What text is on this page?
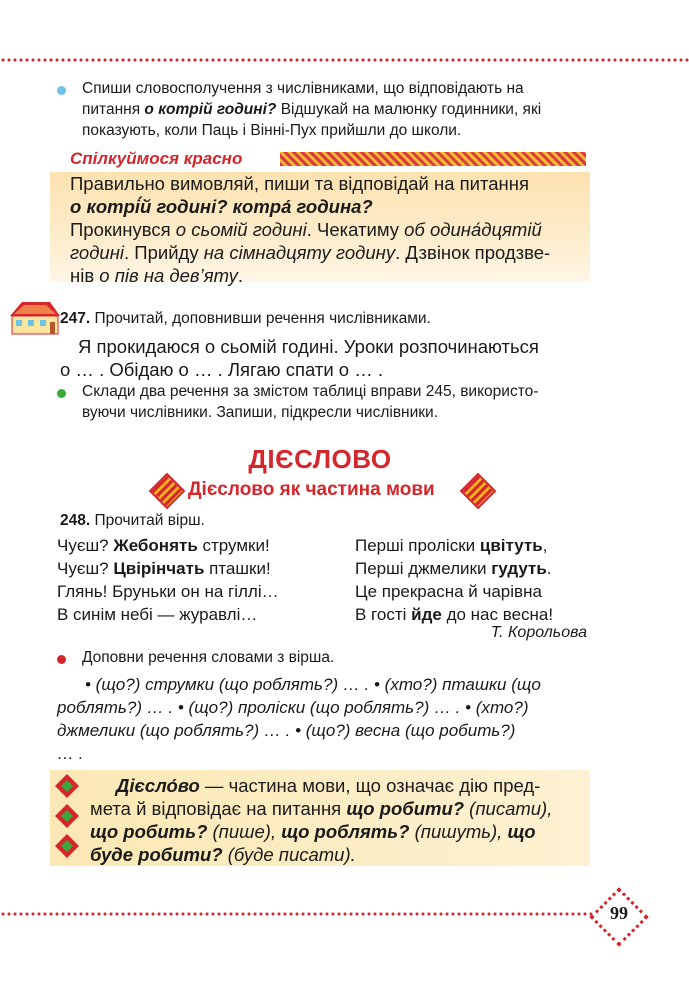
Спиши словосполучення з числівниками, що відповідають на
питання о котрій годині? Відшукай на малюнку годинники, які
показують, коли Паць і Вінні-Пух прийшли до школи.
Спілкуймося красно
Правильно вимовляй, пиши та відповідай на питання
о котрі́й годині? котра́ година?
Прокинувся о сьомій годині. Чекатиму об одина́дцятій
годині. Прийду на сімнадцяту годину. Дзвінок продзве-
нів о пів на дев’яту.
247. Прочитай, доповнивши речення числівниками.
Я прокидаюся о сьомій годині. Уроки розпочинаються
о … . Обідаю о … . Лягаю спати о … .
Склади два речення за змістом таблиці вправи 245, використо-
вуючи числівники. Запиши, підкресли числівники.
ДІЄСЛОВО
Дієслово як частина мови
248. Прочитай вірш.
Чуєш? Жебонять струмки!
Чуєш? Цвірінчать пташки!
Глянь! Бруньки он на гіллі…
В синім небі — журавлі…
Перші проліски цвітуть,
Перші джмелики гудуть.
Це прекрасна й чарівна
В гості йде до нас весна!
Т. Корольова
Доповни речення словами з вірша.
• (що?) струмки (що роблять?) … . • (хто?) пташки (що
роблять?) … . • (що?) проліски (що роблять?) … . • (хто?)
джмелики (що роблять?) … . • (що?) весна (що робить?)
… .
Дієсло́во — частина мови, що означає дію пред-
мета й відповідає на питання що робити? (писати),
що робить? (пише), що роблять? (пишуть), що
буде робити? (буде писати).
99
